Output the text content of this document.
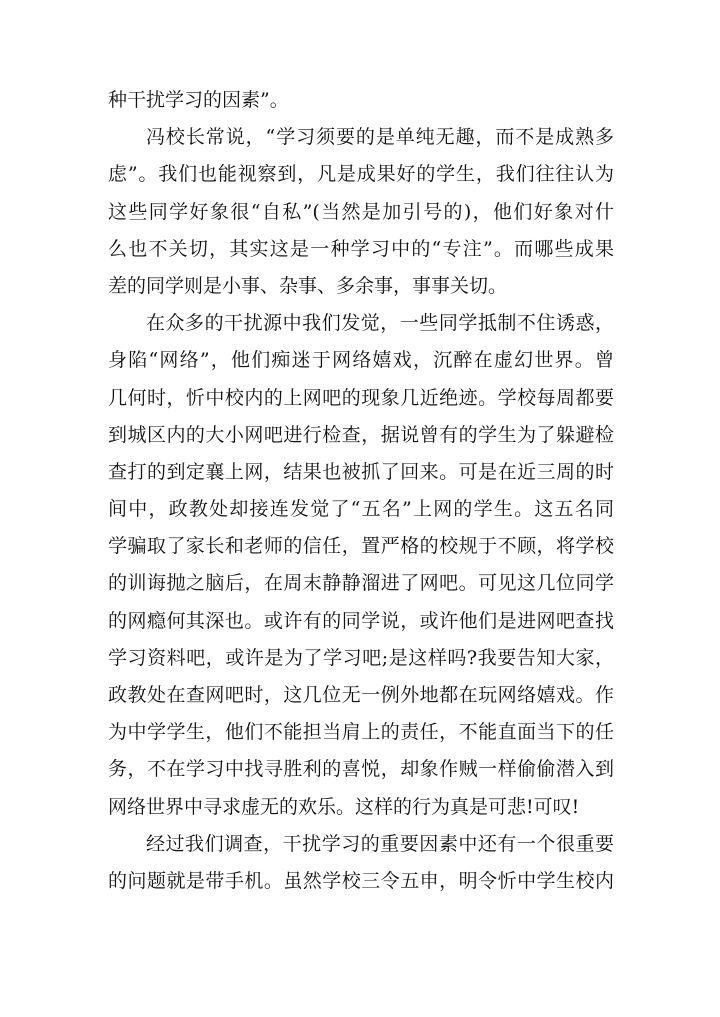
种干扰学习的因素”。
冯校长常说，“学习须要的是单纯无趣，而不是成熟多
虑”。我们也能视察到，凡是成果好的学生，我们往往认为
这些同学好象很“自私”(当然是加引号的)，他们好象对什
么也不关切，其实这是一种学习中的“专注”。而哪些成果
差的同学则是小事、杂事、多余事，事事关切。
在众多的干扰源中我们发觉，一些同学抵制不住诱惑，
身陷“网络”，他们痴迷于网络嬉戏，沉醉在虚幻世界。曾
几何时，忻中校内的上网吧的现象几近绝迹。学校每周都要
到城区内的大小网吧进行检查，据说曾有的学生为了躲避检
查打的到定襄上网，结果也被抓了回来。可是在近三周的时
间中，政教处却接连发觉了“五名”上网的学生。这五名同
学骗取了家长和老师的信任，置严格的校规于不顾，将学校
的训诲抛之脑后，在周末静静溜进了网吧。可见这几位同学
的网瘾何其深也。或许有的同学说，或许他们是进网吧查找
学习资料吧，或许是为了学习吧;是这样吗?我要告知大家，
政教处在查网吧时，这几位无一例外地都在玩网络嬉戏。作
为中学学生，他们不能担当肩上的责任，不能直面当下的任
务，不在学习中找寻胜利的喜悦，却象作贼一样偷偷潜入到
网络世界中寻求虚无的欢乐。这样的行为真是可悲!可叹!
经过我们调查，干扰学习的重要因素中还有一个很重要
的问题就是带手机。虽然学校三令五申，明令忻中学生校内
